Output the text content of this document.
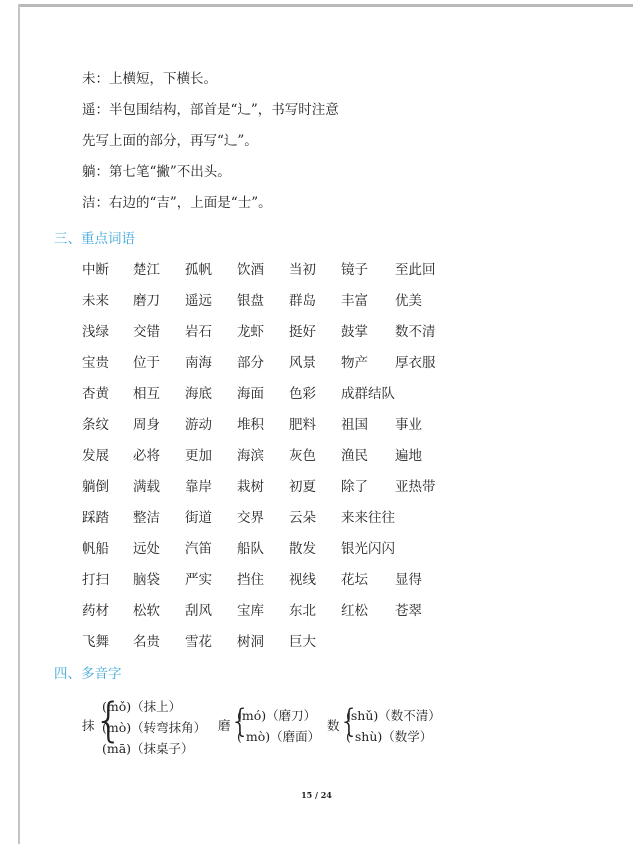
未：上横短，下横长。
遥：半包围结构，部首是“辶”，书写时注意
先写上面的部分，再写“辶”。
躺：第七笔“撇”不出头。
洁：右边的“吉”，上面是“士”。
三、重点词语
中断 楚江 孤帆 饮酒 当初 镜子 至此回
未来 磨刀 遥远 银盘 群岛 丰富 优美
浅绿 交错 岩石 龙虾 挺好 鼓掌 数不清
宝贵 位于 南海 部分 风景 物产 厚衣服
杏黄 相互 海底 海面 色彩 成群结队
条纹 周身 游动 堆积 肥料 祖国 事业
发展 必将 更加 海滨 灰色 渔民 遍地
躺倒 满载 靠岸 栽树 初夏 除了 亚热带
踩踏 整洁 街道 交界 云朵 来来往往
帆船 远处 汽笛 船队 散发 银光闪闪
打扫 脑袋 严实 挡住 视线 花坛 显得
药材 松软 刮风 宝库 东北 红松 苍翠
飞舞 名贵 雪花 树洞 巨大
四、多音字
抹 {
(mǒ)（抹上）
(mò)（转弯抹角）
(mā)（抹桌子）
磨 {
(mó)（磨刀）
( mò)（磨面）
数 {
(shǔ)（数不清）
( shù)（数学）
15 / 24
